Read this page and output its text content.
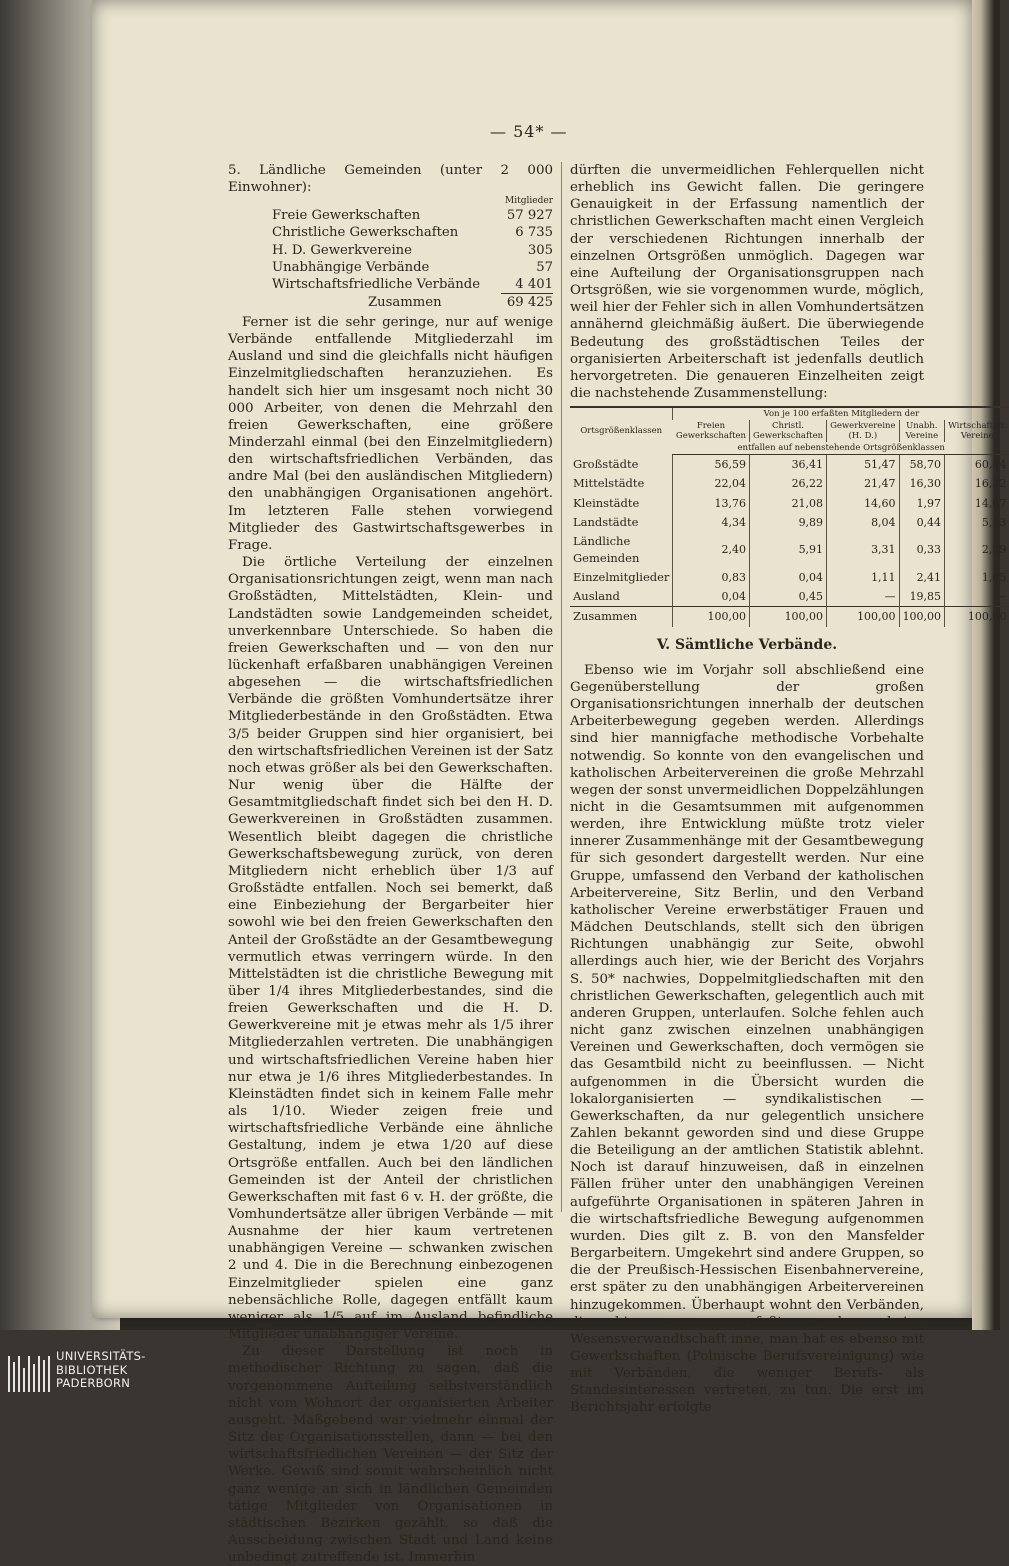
— 54* —

5. Ländliche Gemeinden (unter 2 000 Einwohner):

	Mitglieder
Freie Gewerkschaften	57 927
Christliche Gewerkschaften	6 735
H. D. Gewerkvereine	305
Unabhängige Verbände	57
Wirtschaftsfriedliche Verbände	4 401
Zusammen	69 425

Ferner ist die sehr geringe, nur auf wenige Verbände entfallende Mitgliederzahl im Ausland und sind die gleichfalls nicht häufigen Einzelmitgliedschaften heranzuziehen. Es handelt sich hier um insgesamt noch nicht 30 000 Arbeiter, von denen die Mehrzahl den freien Gewerkschaften, eine größere Minderzahl einmal (bei den Einzelmitgliedern) den wirtschaftsfriedlichen Verbänden, das andre Mal (bei den ausländischen Mitgliedern) den unabhängigen Organisationen angehört. Im letzteren Falle stehen vorwiegend Mitglieder des Gastwirtschaftsgewerbes in Frage.

Die örtliche Verteilung der einzelnen Organisationsrichtungen zeigt, wenn man nach Großstädten, Mittelstädten, Klein- und Landstädten sowie Landgemeinden scheidet, unverkennbare Unterschiede. So haben die freien Gewerkschaften und — von den nur lückenhaft erfaßbaren unabhängigen Vereinen abgesehen — die wirtschaftsfriedlichen Verbände die größten Vomhundertsätze ihrer Mitgliederbestände in den Großstädten. Etwa 3/5 beider Gruppen sind hier organisiert, bei den wirtschaftsfriedlichen Vereinen ist der Satz noch etwas größer als bei den Gewerkschaften. Nur wenig über die Hälfte der Gesamtmitgliedschaft findet sich bei den H. D. Gewerkvereinen in Großstädten zusammen. Wesentlich bleibt dagegen die christliche Gewerkschaftsbewegung zurück, von deren Mitgliedern nicht erheblich über 1/3 auf Großstädte entfallen. Noch sei bemerkt, daß eine Einbeziehung der Bergarbeiter hier sowohl wie bei den freien Gewerkschaften den Anteil der Großstädte an der Gesamtbewegung vermutlich etwas verringern würde. In den Mittelstädten ist die christliche Bewegung mit über 1/4 ihres Mitgliederbestandes, sind die freien Gewerkschaften und die H. D. Gewerkvereine mit je etwas mehr als 1/5 ihrer Mitgliederzahlen vertreten. Die unabhängigen und wirtschaftsfriedlichen Vereine haben hier nur etwa je 1/6 ihres Mitgliederbestandes. In Kleinstädten findet sich in keinem Falle mehr als 1/10. Wieder zeigen freie und wirtschaftsfriedliche Verbände eine ähnliche Gestaltung, indem je etwa 1/20 auf diese Ortsgröße entfallen. Auch bei den ländlichen Gemeinden ist der Anteil der christlichen Gewerkschaften mit fast 6 v. H. der größte, die Vomhundertsätze aller übrigen Verbände — mit Ausnahme der hier kaum vertretenen unabhängigen Vereine — schwanken zwischen 2 und 4. Die in die Berechnung einbezogenen Einzelmitglieder spielen eine ganz nebensächliche Rolle, dagegen entfällt kaum weniger als 1/5 auf im Ausland befindliche Mitglieder unabhängiger Vereine.

Zu dieser Darstellung ist noch in methodischer Richtung zu sagen, daß die vorgenommene Aufteilung selbstverständlich nicht vom Wohnort der organisierten Arbeiter ausgeht. Maßgebend war vielmehr einmal der Sitz der Organisationsstellen, dann — bei den wirtschaftsfriedlichen Vereinen — der Sitz der Werke. Gewiß sind somit wahrscheinlich nicht ganz wenige an sich in ländlichen Gemeinden tätige Mitglieder von Organisationen in städtischen Bezirken gezählt, so daß die Ausscheidung zwischen Stadt und Land keine unbedingt zutreffende ist. Immerhin

dürften die unvermeidlichen Fehlerquellen nicht erheblich ins Gewicht fallen. Die geringere Genauigkeit in der Erfassung namentlich der christlichen Gewerkschaften macht einen Vergleich der verschiedenen Richtungen innerhalb der einzelnen Ortsgrößen unmöglich. Dagegen war eine Aufteilung der Organisationsgruppen nach Ortsgrößen, wie sie vorgenommen wurde, möglich, weil hier der Fehler sich in allen Vomhundertsätzen annähernd gleichmäßig äußert. Die überwiegende Bedeutung des großstädtischen Teiles der organisierten Arbeiterschaft ist jedenfalls deutlich hervorgetreten. Die genaueren Einzelheiten zeigt die nachstehende Zusammenstellung:

Ortsgrößenklassen	Von je 100 erfaßten Mitgliedern der				
	Freien Gewerkschaften	Christl. Gewerkschaften	Gewerkvereine (H. D.)	Unabh. Vereine	Wirtschaftsfr. Vereine
	entfallen auf nebenstehende Ortsgrößenklassen				
Großstädte	56,59	36,41	51,47	58,70	60,44
Mittelstädte	22,04	26,22	21,47	16,30	16,32
Kleinstädte	13,76	21,08	14,60	1,97	14,67
Landstädte	4,34	9,89	8,04	0,44	5,13
Ländliche Gemeinden	2,40	5,91	3,31	0,33	2,39
Einzelmitglieder	0,83	0,04	1,11	2,41	1,05
Ausland	0,04	0,45	—	19,85	—
Zusammen	100,00	100,00	100,00	100,00	100,00
V. Sämtliche Verbände.

Ebenso wie im Vorjahr soll abschließend eine Gegenüberstellung der großen Organisationsrichtungen innerhalb der deutschen Arbeiterbewegung gegeben werden. Allerdings sind hier mannigfache methodische Vorbehalte notwendig. So konnte von den evangelischen und katholischen Arbeitervereinen die große Mehrzahl wegen der sonst unvermeidlichen Doppelzählungen nicht in die Gesamtsummen mit aufgenommen werden, ihre Entwicklung müßte trotz vieler innerer Zusammenhänge mit der Gesamtbewegung für sich gesondert dargestellt werden. Nur eine Gruppe, umfassend den Verband der katholischen Arbeitervereine, Sitz Berlin, und den Verband katholischer Vereine erwerbstätiger Frauen und Mädchen Deutschlands, stellt sich den übrigen Richtungen unabhängig zur Seite, obwohl allerdings auch hier, wie der Bericht des Vorjahrs S. 50* nachwies, Doppelmitgliedschaften mit den christlichen Gewerkschaften, gelegentlich auch mit anderen Gruppen, unterlaufen. Solche fehlen auch nicht ganz zwischen einzelnen unabhängigen Vereinen und Gewerkschaften, doch vermögen sie das Gesamtbild nicht zu beeinflussen. — Nicht aufgenommen in die Übersicht wurden die lokalorganisierten — syndikalistischen — Gewerkschaften, da nur gelegentlich unsichere Zahlen bekannt geworden sind und diese Gruppe die Beteiligung an der amtlichen Statistik ablehnt. Noch ist darauf hinzuweisen, daß in einzelnen Fällen früher unter den unabhängigen Vereinen aufgeführte Organisationen in späteren Jahren in die wirtschaftsfriedliche Bewegung aufgenommen wurden. Dies gilt z. B. von den Mansfelder Bergarbeitern. Umgekehrt sind andere Gruppen, so die der Preußisch-Hessischen Eisenbahnervereine, erst später zu den unabhängigen Arbeitervereinen hinzugekommen. Überhaupt wohnt den Verbänden, die hier zusammengefaßt wurden, keine Wesensverwandtschaft inne, man hat es ebenso mit Gewerkschaften (Polnische Berufsvereinigung) wie mit Verbänden, die weniger Berufs- als Standesinteressen vertreten, zu tun. Die erst im Berichtsjahr erfolgte

UNIVERSITÄTS-
BIBLIOTHEK
PADERBORN
